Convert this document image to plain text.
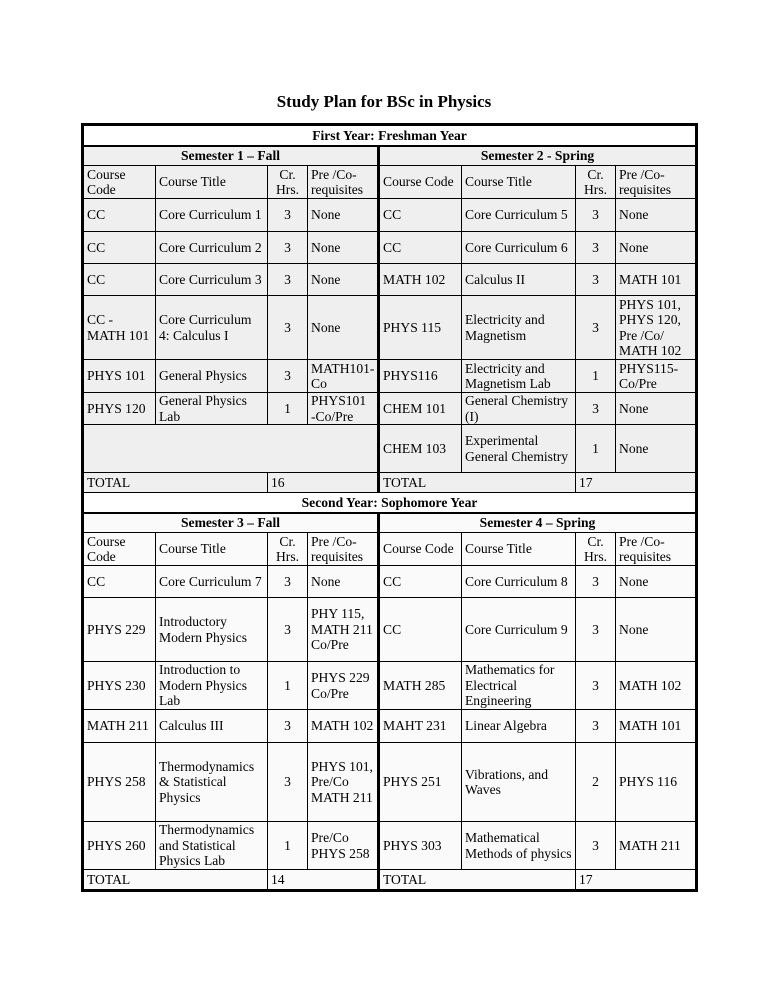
Study Plan for BSc in Physics
First Year: Freshman Year							
Semester 1 – Fall				Semester 2 - Spring			
Course Code	Course Title	Cr. Hrs.	Pre /Co-requisites	Course Code	Course Title	Cr. Hrs.	Pre /Co-requisites
CC	Core Curriculum 1	3	None	CC	Core Curriculum 5	3	None
CC	Core Curriculum 2	3	None	CC	Core Curriculum 6	3	None
CC	Core Curriculum 3	3	None	MATH 102	Calculus II	3	MATH 101
CC - MATH 101	Core Curriculum 4: Calculus I	3	None	PHYS 115	Electricity and Magnetism	3	PHYS 101, PHYS 120, Pre /Co/ MATH 102
PHYS 101	General Physics	3	MATH101-Co	PHYS116	Electricity and Magnetism Lab	1	PHYS115-Co/Pre
PHYS 120	General Physics Lab	1	PHYS101 -Co/Pre	CHEM 101	General Chemistry (I)	3	None
				CHEM 103	Experimental General Chemistry	1	None
TOTAL		16		TOTAL		17	
Second Year: Sophomore Year							
Semester 3 – Fall				Semester 4 – Spring			
Course Code	Course Title	Cr. Hrs.	Pre /Co-requisites	Course Code	Course Title	Cr. Hrs.	Pre /Co-requisites
CC	Core Curriculum 7	3	None	CC	Core Curriculum 8	3	None
PHYS 229	Introductory Modern Physics	3	PHY 115, MATH 211 Co/Pre	CC	Core Curriculum 9	3	None
PHYS 230	Introduction to Modern Physics Lab	1	PHYS 229 Co/Pre	MATH 285	Mathematics for Electrical Engineering	3	MATH 102
MATH 211	Calculus III	3	MATH 102	MAHT 231	Linear Algebra	3	MATH 101
PHYS 258	Thermodynamics & Statistical Physics	3	PHYS 101, Pre/Co MATH 211	PHYS 251	Vibrations, and Waves	2	PHYS 116
PHYS 260	Thermodynamics and Statistical Physics Lab	1	Pre/Co PHYS 258	PHYS 303	Mathematical Methods of physics	3	MATH 211
TOTAL		14		TOTAL		17	
